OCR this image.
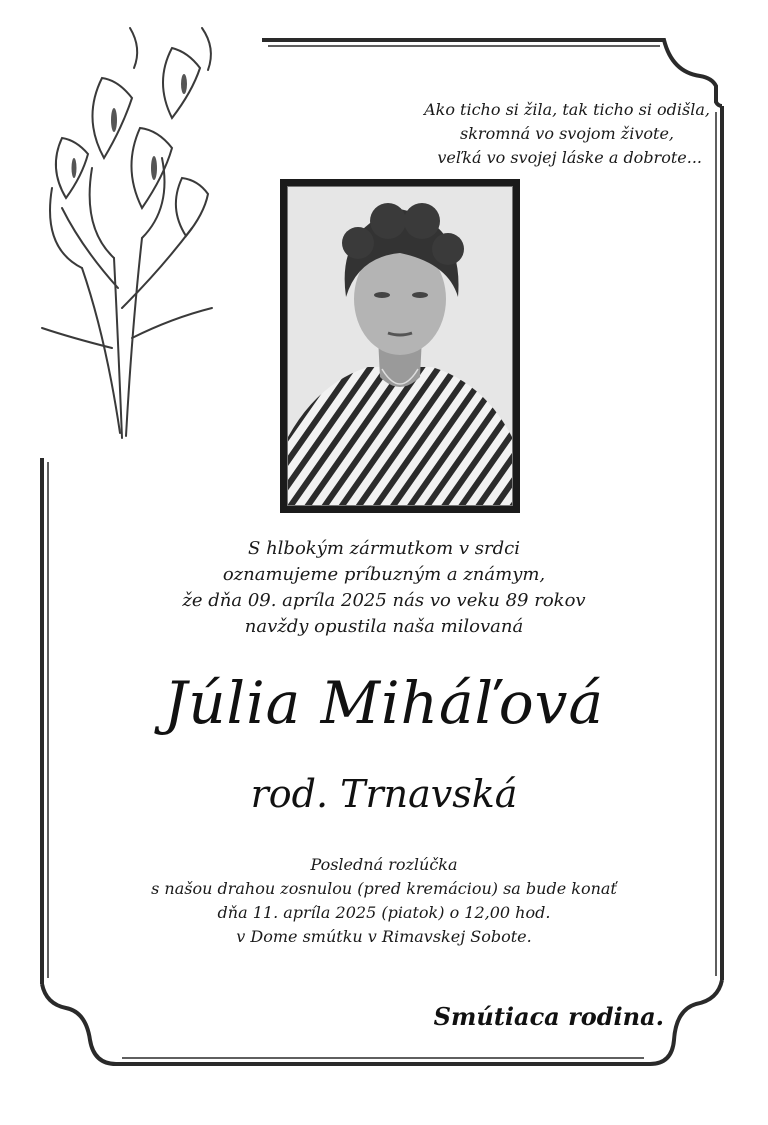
Ako ticho si žila, tak ticho si odišla,
skromná vo svojom živote,
veľká vo svojej láske a dobrote...
S hlbokým zármutkom v srdci
oznamujeme príbuzným a známym,
že dňa 09. apríla 2025 nás vo veku 89 rokov
navždy opustila naša milovaná
Júlia Miháľová
rod. Trnavská
Posledná rozlúčka
s našou drahou zosnulou (pred kremáciou) sa bude konať
dňa 11. apríla 2025 (piatok) o 12,00 hod.
v Dome smútku v Rimavskej Sobote.
Smútiaca rodina.
